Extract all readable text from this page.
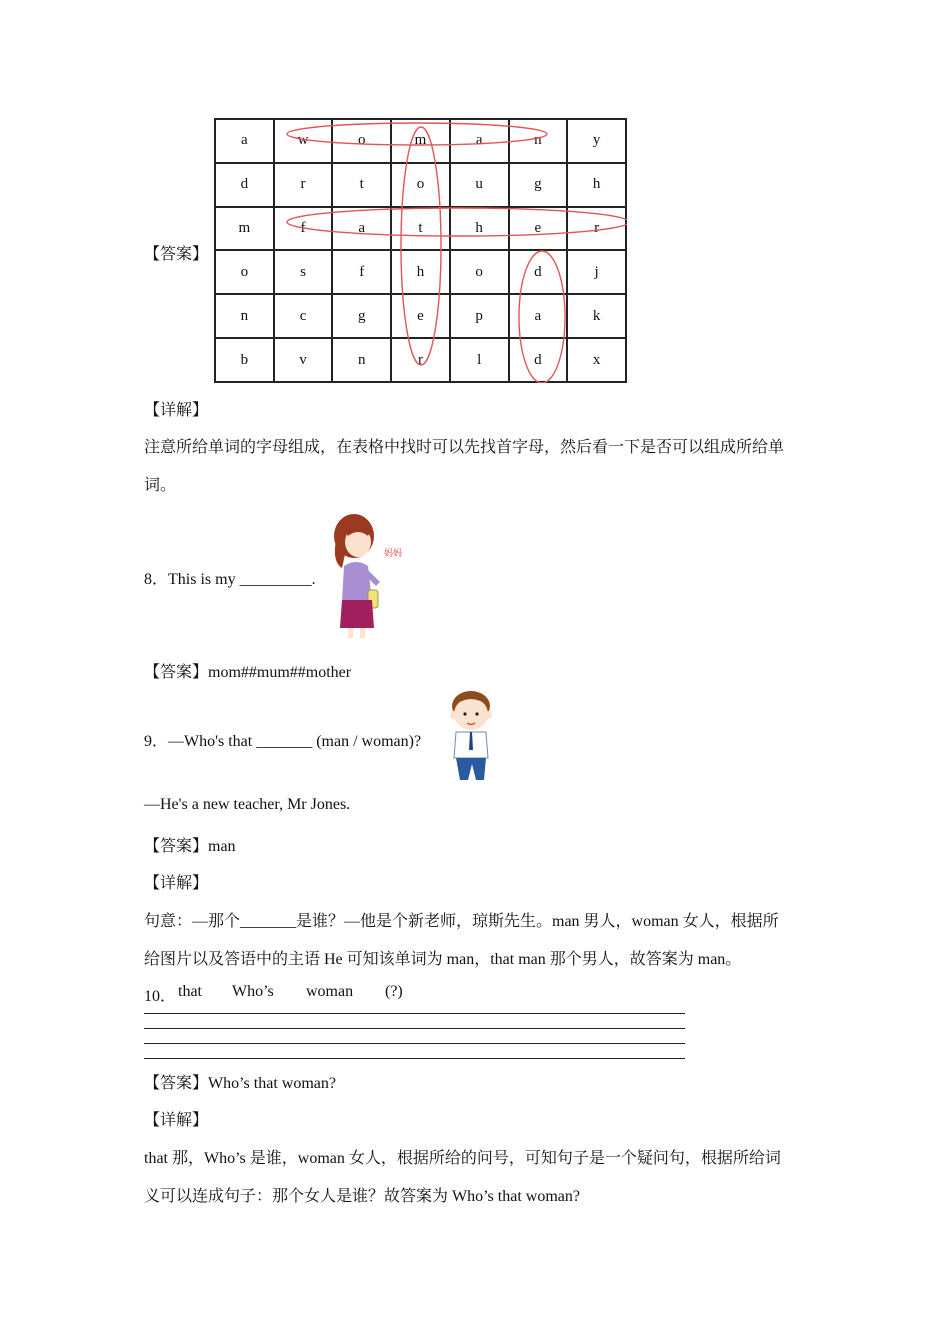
【答案】
a	w	o	m	a	n	y
d	r	t	o	u	g	h
m	f	a	t	h	e	r
o	s	f	h	o	d	j
n	c	g	e	p	a	k
b	v	n	r	l	d	x
【详解】
注意所给单词的字母组成，在表格中找时可以先找首字母，然后看一下是否可以组成所给单
词。
8．This is my _________.
妈妈
【答案】mom##mum##mother
9．—Who's that _______ (man / woman)?
—He's a new teacher, Mr Jones.
【答案】man
【详解】
句意：—那个_______是谁？—他是个新老师，琼斯先生。man 男人，woman 女人，根据所
给图片以及答语中的主语 He 可知该单词为 man，that man 那个男人，故答案为 man。
10． that Who’s woman (?)
【答案】Who’s that woman?
【详解】
that 那，Who’s 是谁，woman 女人，根据所给的问号，可知句子是一个疑问句，根据所给词
义可以连成句子：那个女人是谁？故答案为 Who’s that woman?
